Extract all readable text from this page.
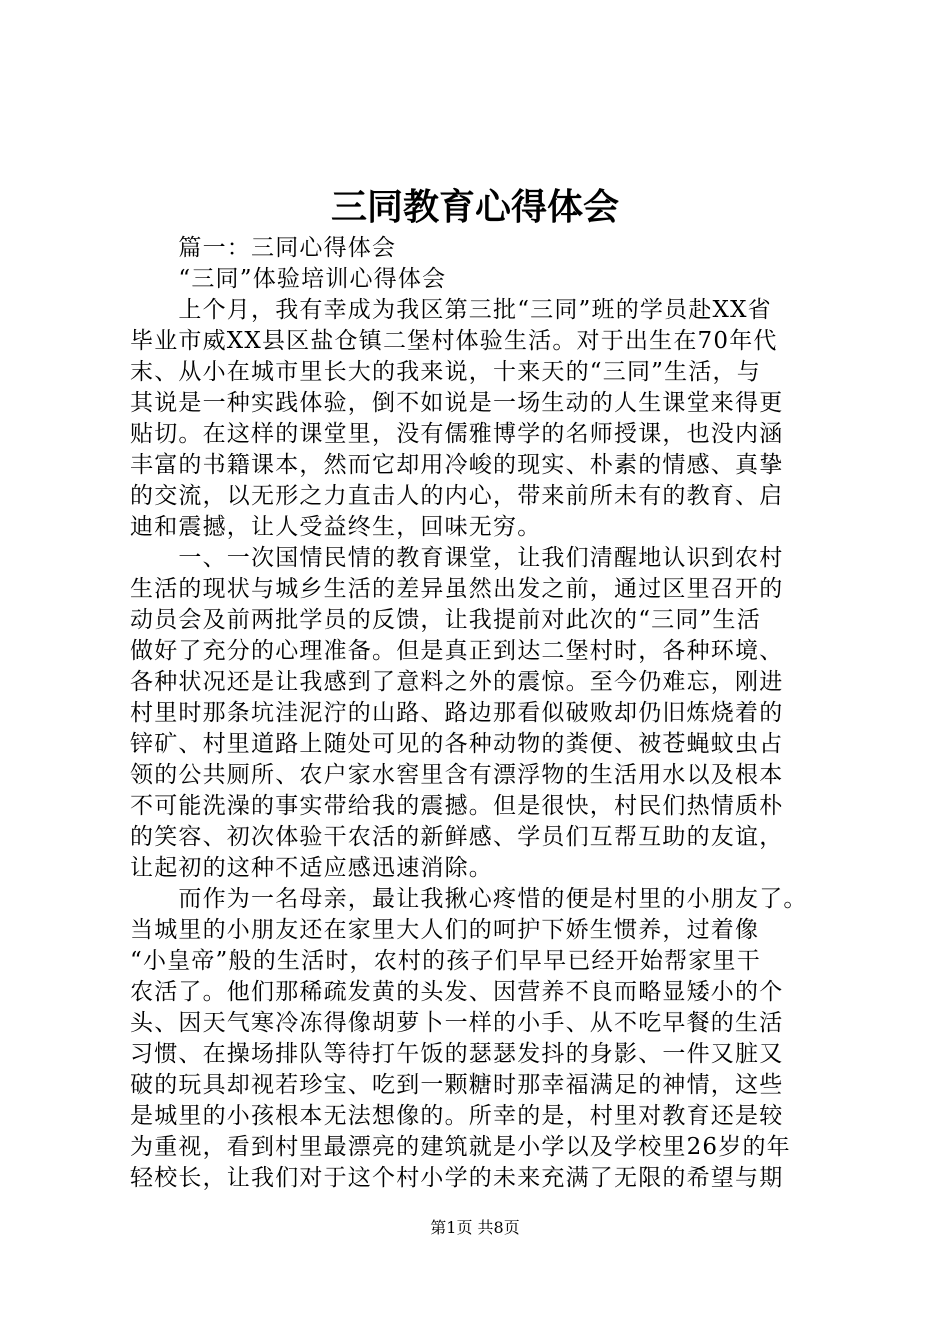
三同教育心得体会
　　篇一：三同心得体会
　　“三同”体验培训心得体会
　　上个月，我有幸成为我区第三批“三同”班的学员赴XX省
毕业市威XX县区盐仓镇二堡村体验生活。对于出生在70年代
末、从小在城市里长大的我来说，十来天的“三同”生活，与
其说是一种实践体验，倒不如说是一场生动的人生课堂来得更
贴切。在这样的课堂里，没有儒雅博学的名师授课，也没内涵
丰富的书籍课本，然而它却用冷峻的现实、朴素的情感、真挚
的交流，以无形之力直击人的内心，带来前所未有的教育、启
迪和震撼，让人受益终生，回味无穷。
　　一、一次国情民情的教育课堂，让我们清醒地认识到农村
生活的现状与城乡生活的差异虽然出发之前，通过区里召开的
动员会及前两批学员的反馈，让我提前对此次的“三同”生活
做好了充分的心理准备。但是真正到达二堡村时，各种环境、
各种状况还是让我感到了意料之外的震惊。至今仍难忘，刚进
村里时那条坑洼泥泞的山路、路边那看似破败却仍旧炼烧着的
锌矿、村里道路上随处可见的各种动物的粪便、被苍蝇蚊虫占
领的公共厕所、农户家水窖里含有漂浮物的生活用水以及根本
不可能洗澡的事实带给我的震撼。但是很快，村民们热情质朴
的笑容、初次体验干农活的新鲜感、学员们互帮互助的友谊，
让起初的这种不适应感迅速消除。
　　而作为一名母亲，最让我揪心疼惜的便是村里的小朋友了。
当城里的小朋友还在家里大人们的呵护下娇生惯养，过着像
“小皇帝”般的生活时，农村的孩子们早早已经开始帮家里干
农活了。他们那稀疏发黄的头发、因营养不良而略显矮小的个
头、因天气寒冷冻得像胡萝卜一样的小手、从不吃早餐的生活
习惯、在操场排队等待打午饭的瑟瑟发抖的身影、一件又脏又
破的玩具却视若珍宝、吃到一颗糖时那幸福满足的神情，这些
是城里的小孩根本无法想像的。所幸的是，村里对教育还是较
为重视，看到村里最漂亮的建筑就是小学以及学校里26岁的年
轻校长，让我们对于这个村小学的未来充满了无限的希望与期
第1页 共8页
